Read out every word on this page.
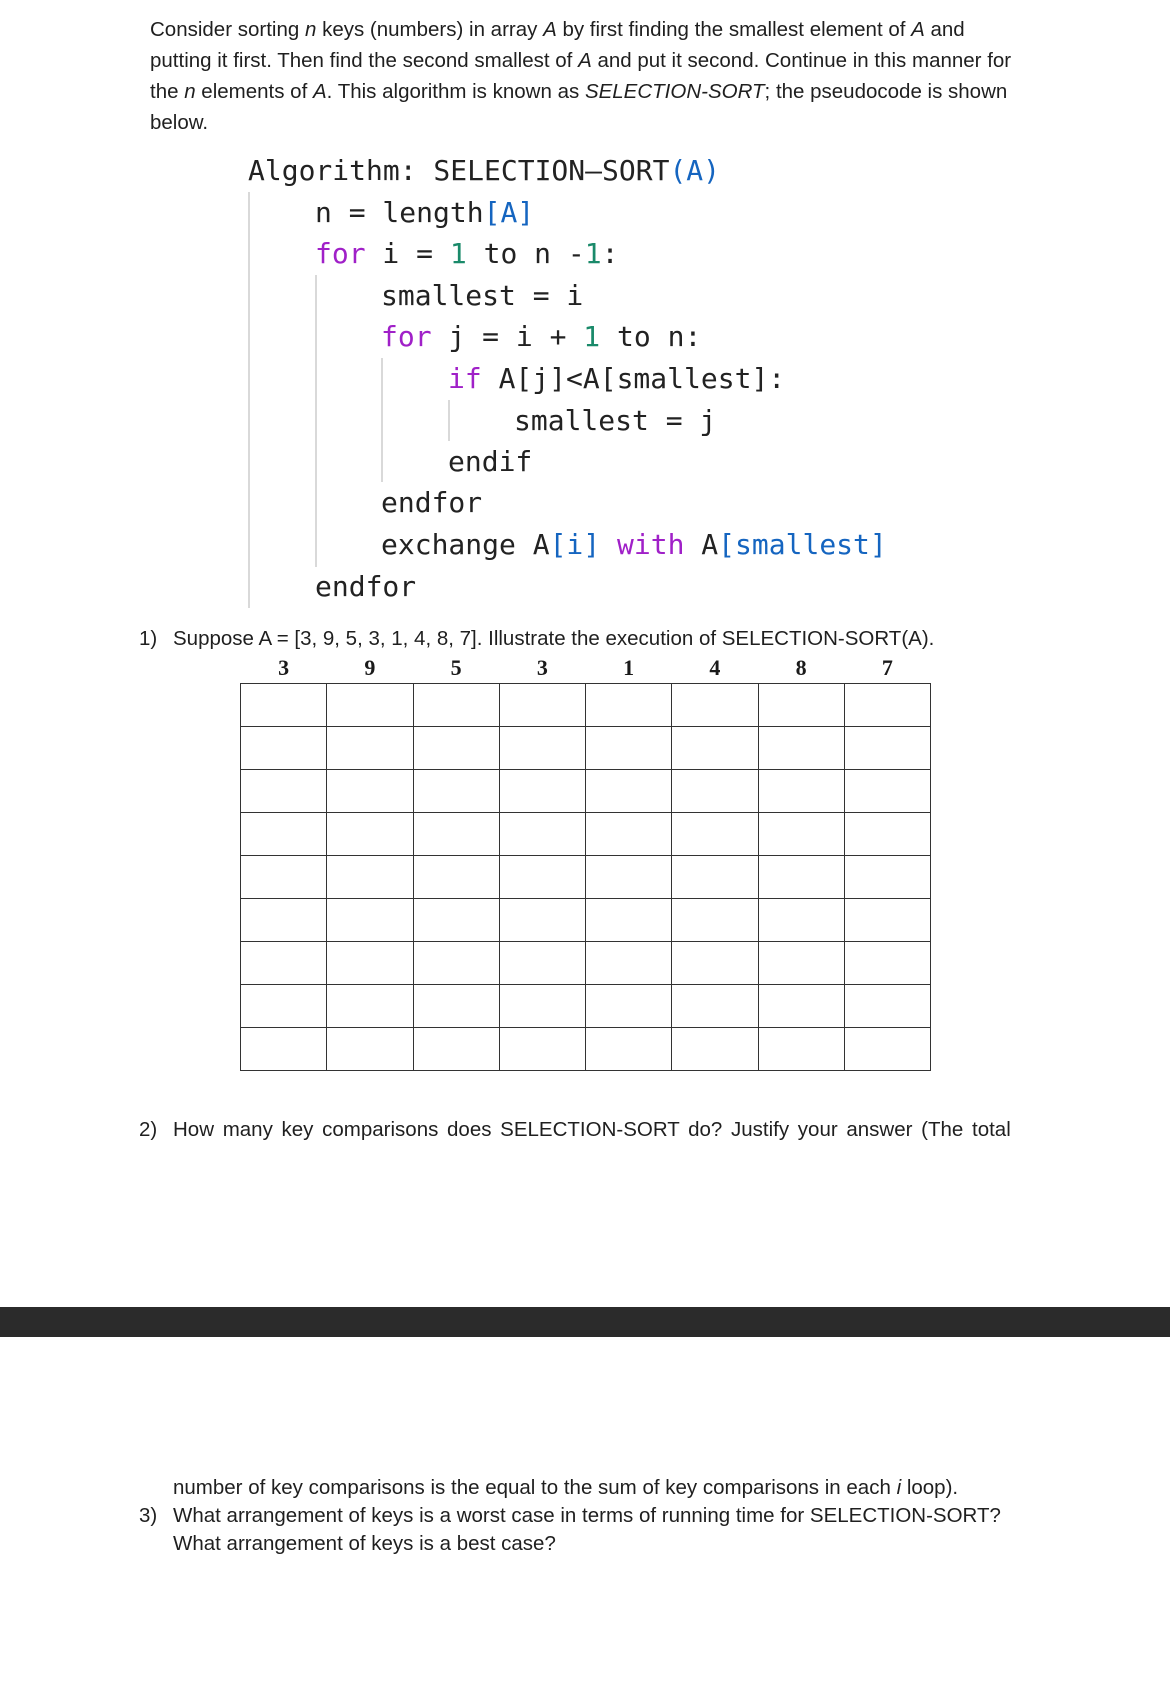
Consider sorting n keys (numbers) in array A by first finding the smallest element of A and putting it first. Then find the second smallest of A and put it second. Continue in this manner for the n elements of A. This algorithm is known as SELECTION-SORT; the pseudocode is shown below.
Algorithm: SELECTION–SORT(A)
n = length[A]
for i = 1 to n -1:
smallest = i
for j = i + 1 to n:
if A[j]<A[smallest]:
smallest = j
endif
endfor
exchange A[i] with A[smallest]
endfor
1) Suppose A = [3, 9, 5, 3, 1, 4, 8, 7]. Illustrate the execution of SELECTION-SORT(A).
3	9	5	3	1	4	8	7

2) How many key comparisons does SELECTION-SORT do? Justify your answer (The total
number of key comparisons is the equal to the sum of key comparisons in each i loop).
3) What arrangement of keys is a worst case in terms of running time for SELECTION-SORT?
What arrangement of keys is a best case?
